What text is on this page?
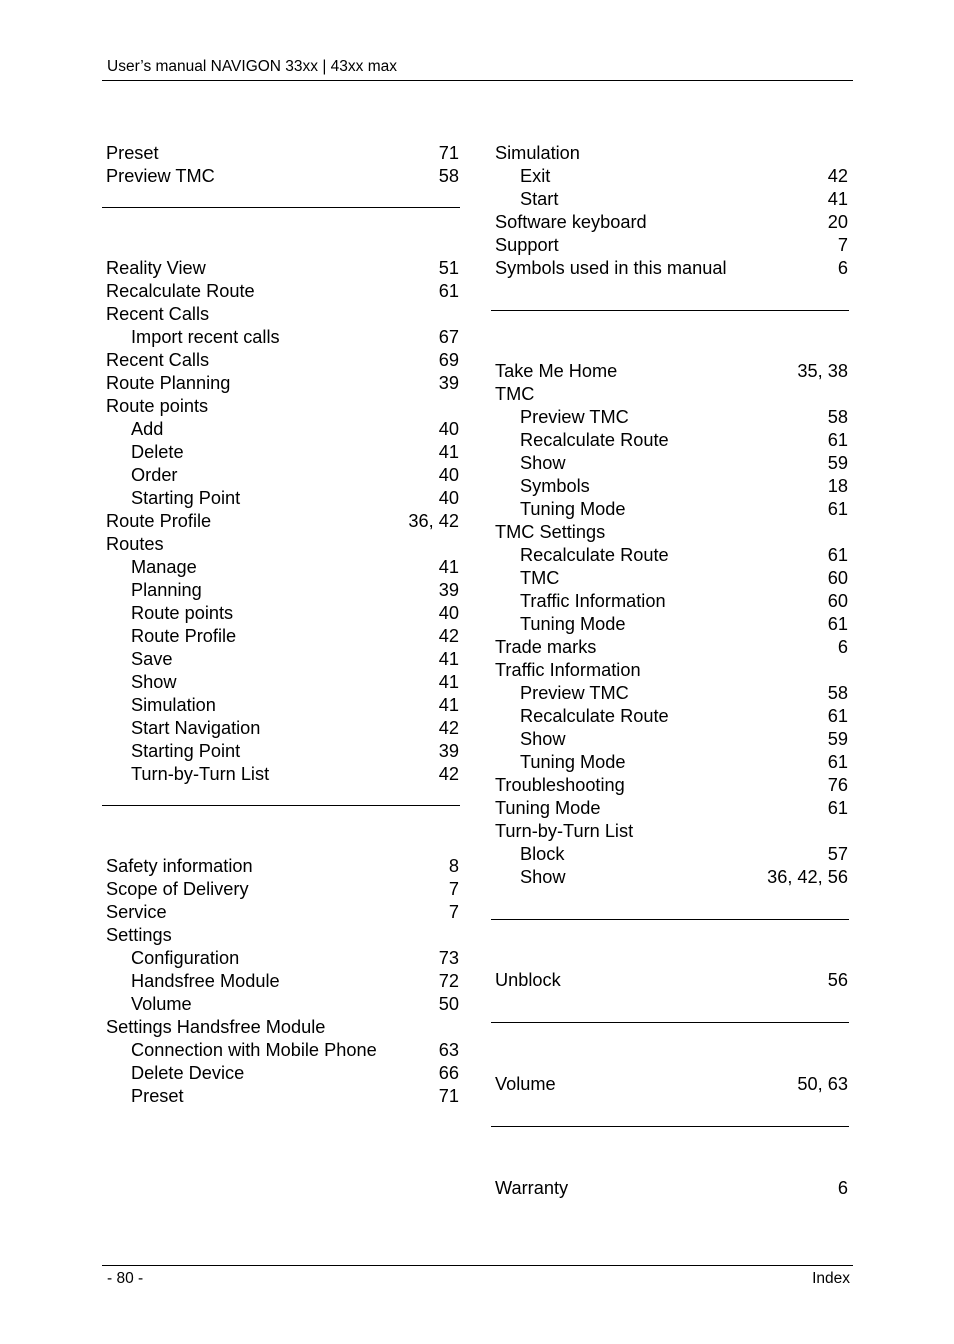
User’s manual NAVIGON 33xx | 43xx max
Preset	71
Preview TMC	58
Reality View	51
Recalculate Route	61
Recent Calls
Import recent calls	67
Recent Calls	69
Route Planning	39
Route points
Add	40
Delete	41
Order	40
Starting Point	40
Route Profile	36, 42
Routes
Manage	41
Planning	39
Route points	40
Route Profile	42
Save	41
Show	41
Simulation	41
Start Navigation	42
Starting Point	39
Turn-by-Turn List	42
Safety information	8
Scope of Delivery	7
Service	7
Settings
Configuration	73
Handsfree Module	72
Volume	50
Settings Handsfree Module
Connection with Mobile Phone	63
Delete Device	66
Preset	71
Simulation
Exit	42
Start	41
Software keyboard	20
Support	7
Symbols used in this manual	6
Take Me Home	35, 38
TMC
Preview TMC	58
Recalculate Route	61
Show	59
Symbols	18
Tuning Mode	61
TMC Settings
Recalculate Route	61
TMC	60
Traffic Information	60
Tuning Mode	61
Trade marks	6
Traffic Information
Preview TMC	58
Recalculate Route	61
Show	59
Tuning Mode	61
Troubleshooting	76
Tuning Mode	61
Turn-by-Turn List
Block	57
Show	36, 42, 56
Unblock	56
Volume	50, 63
Warranty	6
- 80 -	Index
